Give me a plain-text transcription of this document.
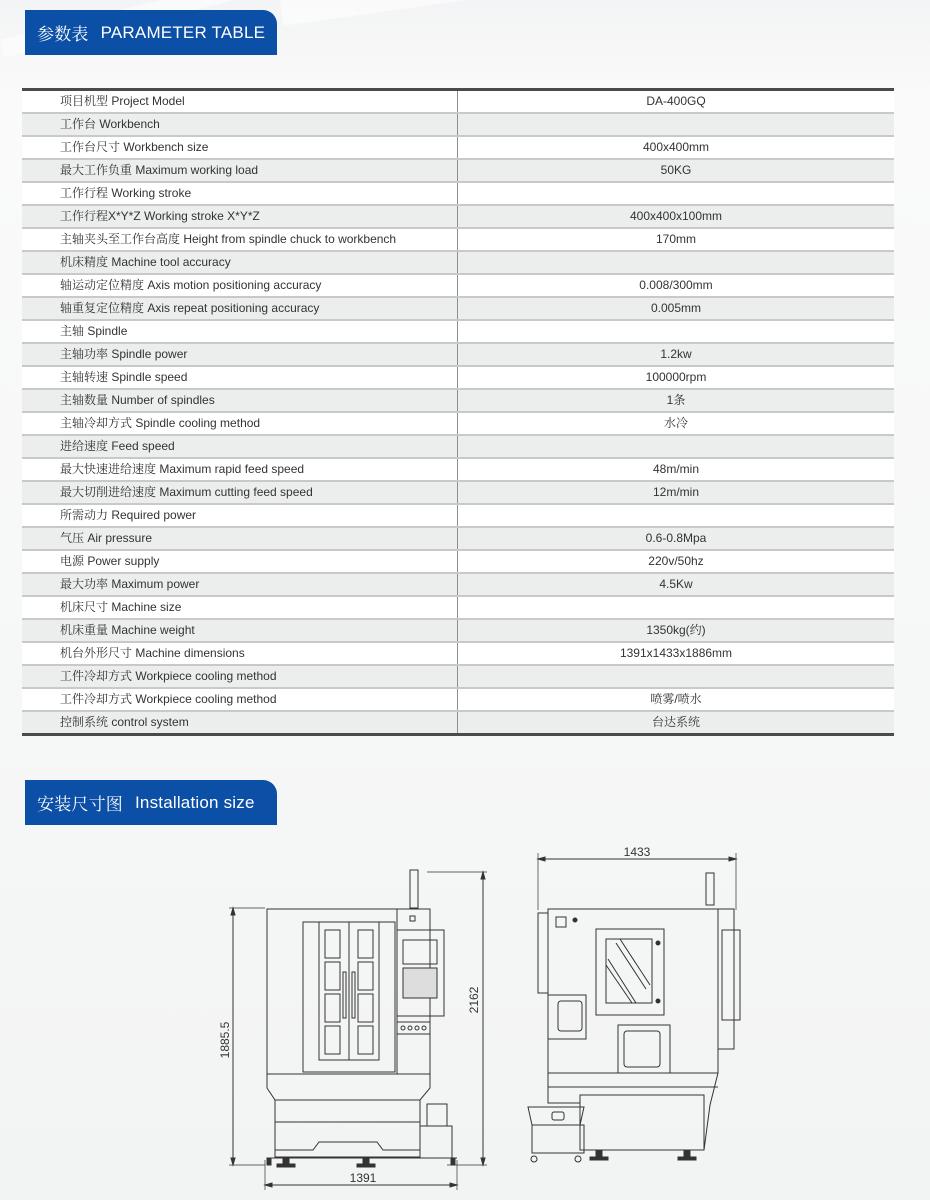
参数表 PARAMETER TABLE
项目机型 Project Model	DA-400GQ
工作台 Workbench	
工作台尺寸 Workbench size	400x400mm
最大工作负重 Maximum working load	50KG
工作行程 Working stroke	
工作行程X*Y*Z Working stroke X*Y*Z	400x400x100mm
主轴夹头至工作台高度 Height from spindle chuck to workbench	170mm
机床精度 Machine tool accuracy	
轴运动定位精度 Axis motion positioning accuracy	0.008/300mm
轴重复定位精度 Axis repeat positioning accuracy	0.005mm
主轴 Spindle	
主轴功率 Spindle power	1.2kw
主轴转速 Spindle speed	100000rpm
主轴数量 Number of spindles	1条
主轴冷却方式 Spindle cooling method	水冷
进给速度 Feed speed	
最大快速进给速度 Maximum rapid feed speed	48m/min
最大切削进给速度 Maximum cutting feed speed	12m/min
所需动力 Required power	
气压 Air pressure	0.6-0.8Mpa
电源 Power supply	220v/50hz
最大功率 Maximum power	4.5Kw
机床尺寸 Machine size	
机床重量 Machine weight	1350kg(约)
机台外形尺寸 Machine dimensions	1391x1433x1886mm
工件冷却方式 Workpiece cooling method	
工件冷却方式 Workpiece cooling method	喷雾/喷水
控制系统 control system	台达系统
安装尺寸图 Installation size
1885.5
2162
1391
1433
